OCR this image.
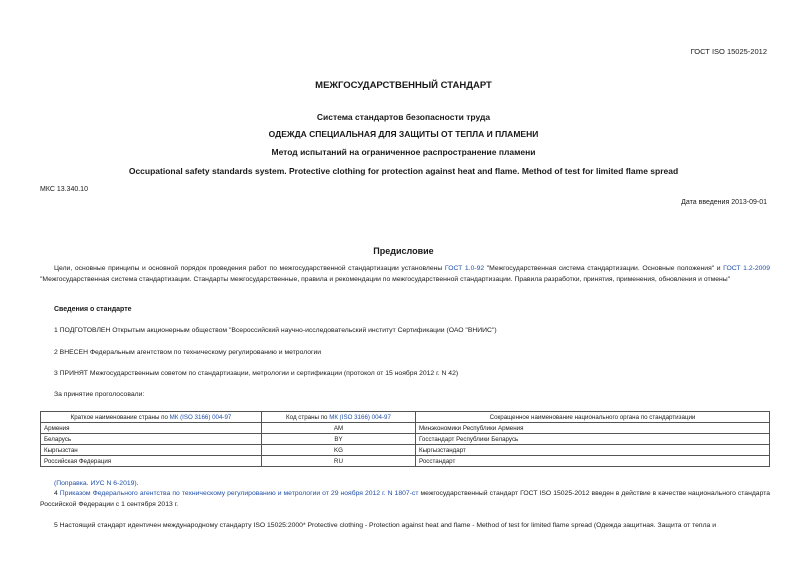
ГОСТ ISO 15025-2012
МЕЖГОСУДАРСТВЕННЫЙ СТАНДАРТ
Система стандартов безопасности труда
ОДЕЖДА СПЕЦИАЛЬНАЯ ДЛЯ ЗАЩИТЫ ОТ ТЕПЛА И ПЛАМЕНИ
Метод испытаний на ограниченное распространение пламени
Occupational safety standards system. Protective clothing for protection against heat and flame. Method of test for limited flame spread
МКС 13.340.10
Дата введения 2013-09-01
Предисловие
Цели, основные принципы и основной порядок проведения работ по межгосударственной стандартизации установлены ГОСТ 1.0-92 "Межгосударственная система стандартизации. Основные положения" и ГОСТ 1.2-2009 "Межгосударственная система стандартизации. Стандарты межгосударственные, правила и рекомендации по межгосударственной стандартизации. Правила разработки, принятия, применения, обновления и отмены"
Сведения о стандарте
1 ПОДГОТОВЛЕН Открытым акционерным обществом "Всероссийский научно-исследовательский институт Сертификации (ОАО "ВНИИС")
2 ВНЕСЕН Федеральным агентством по техническому регулированию и метрологии
3 ПРИНЯТ Межгосударственным советом по стандартизации, метрологии и сертификации (протокол от 15 ноября 2012 г. N 42)
За принятие проголосовали:
Краткое наименование страны по МК (ISO 3166) 004-97	Код страны по МК (ISO 3166) 004-97	Сокращенное наименование национального органа по стандартизации
Армения	AM	Минэкономики Республики Армения
Беларусь	BY	Госстандарт Республики Беларусь
Кыргызстан	KG	Кыргызстандарт
Российская Федерация	RU	Росстандарт
(Поправка. ИУС N 6-2019).
4 Приказом Федерального агентства по техническому регулированию и метрологии от 29 ноября 2012 г. N 1807-ст межгосударственный стандарт ГОСТ ISO 15025-2012 введен в действие в качестве национального стандарта Российской Федерации с 1 сентября 2013 г.
5 Настоящий стандарт идентичен международному стандарту ISO 15025:2000* Protective clothing - Protection against heat and flame - Method of test for limited flame spread (Одежда защитная. Защита от тепла и
